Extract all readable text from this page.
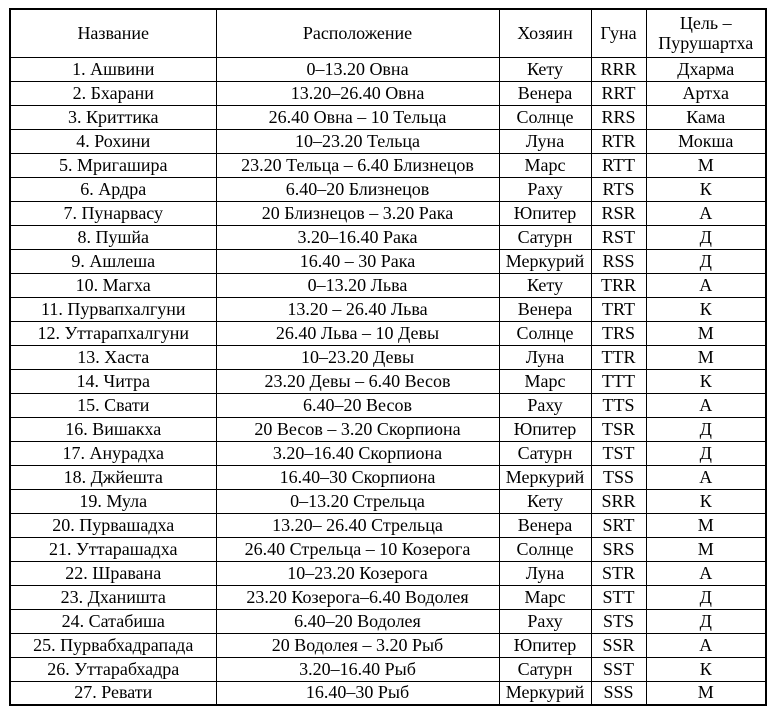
Название	Расположение	Хозяин	Гуна	Цель – Пурушартха
1. Ашвини	0–13.20 Овна	Кету	RRR	Дхарма
2. Бхарани	13.20–26.40 Овна	Венера	RRT	Артха
3. Криттика	26.40 Овна – 10 Тельца	Солнце	RRS	Кама
4. Рохини	10–23.20 Тельца	Луна	RTR	Мокша
5. Мригашира	23.20 Тельца – 6.40 Близнецов	Марс	RTT	М
6. Ардра	6.40–20 Близнецов	Раху	RTS	К
7. Пунарвасу	20 Близнецов – 3.20 Рака	Юпитер	RSR	А
8. Пушйа	3.20–16.40 Рака	Сатурн	RST	Д
9. Ашлеша	16.40 – 30 Рака	Меркурий	RSS	Д
10. Магха	0–13.20 Льва	Кету	TRR	А
11. Пурвапхалгуни	13.20 – 26.40 Льва	Венера	TRT	К
12. Уттарапхалгуни	26.40 Льва – 10 Девы	Солнце	TRS	М
13. Хаста	10–23.20 Девы	Луна	TTR	М
14. Читра	23.20 Девы – 6.40 Весов	Марс	TTT	К
15. Свати	6.40–20 Весов	Раху	TTS	А
16. Вишакха	20 Весов – 3.20 Скорпиона	Юпитер	TSR	Д
17. Анурадха	3.20–16.40 Скорпиона	Сатурн	TST	Д
18. Джйешта	16.40–30 Скорпиона	Меркурий	TSS	А
19. Мула	0–13.20 Стрельца	Кету	SRR	К
20. Пурвашадха	13.20– 26.40 Стрельца	Венера	SRT	М
21. Уттарашадха	26.40 Стрельца – 10 Козерога	Солнце	SRS	М
22. Шравана	10–23.20 Козерога	Луна	STR	А
23. Дханишта	23.20 Козерога–6.40 Водолея	Марс	STT	Д
24. Сатабиша	6.40–20 Водолея	Раху	STS	Д
25. Пурвабхадрапада	20 Водолея – 3.20 Рыб	Юпитер	SSR	А
26. Уттарабхадра	3.20–16.40 Рыб	Сатурн	SST	К
27. Ревати	16.40–30 Рыб	Меркурий	SSS	М
